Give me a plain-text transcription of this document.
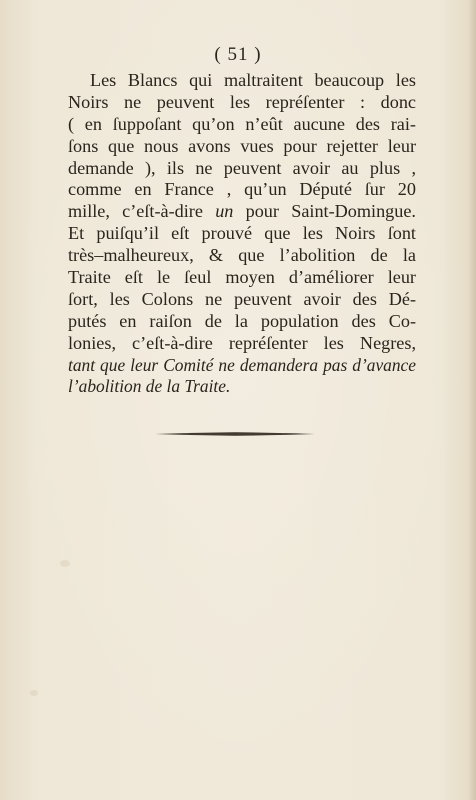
( 51 )
Les Blancs qui maltraitent beaucoup les
Noirs ne peuvent les repréſenter : donc
( en ſuppoſant qu’on n’eût aucune des rai-
ſons que nous avons vues pour rejetter leur
demande ), ils ne peuvent avoir au plus ,
comme en France , qu’un Député ſur 20
mille, c’eſt-à-dire un pour Saint-Domingue.
Et puiſqu’il eſt prouvé que les Noirs ſont
très–malheureux, & que l’abolition de la
Traite eſt le ſeul moyen d’améliorer leur
ſort, les Colons ne peuvent avoir des Dé-
putés en raiſon de la population des Co-
lonies, c’eſt-à-dire repréſenter les Negres,
tant que leur Comité ne demandera pas d’avance
l’abolition de la Traite.
